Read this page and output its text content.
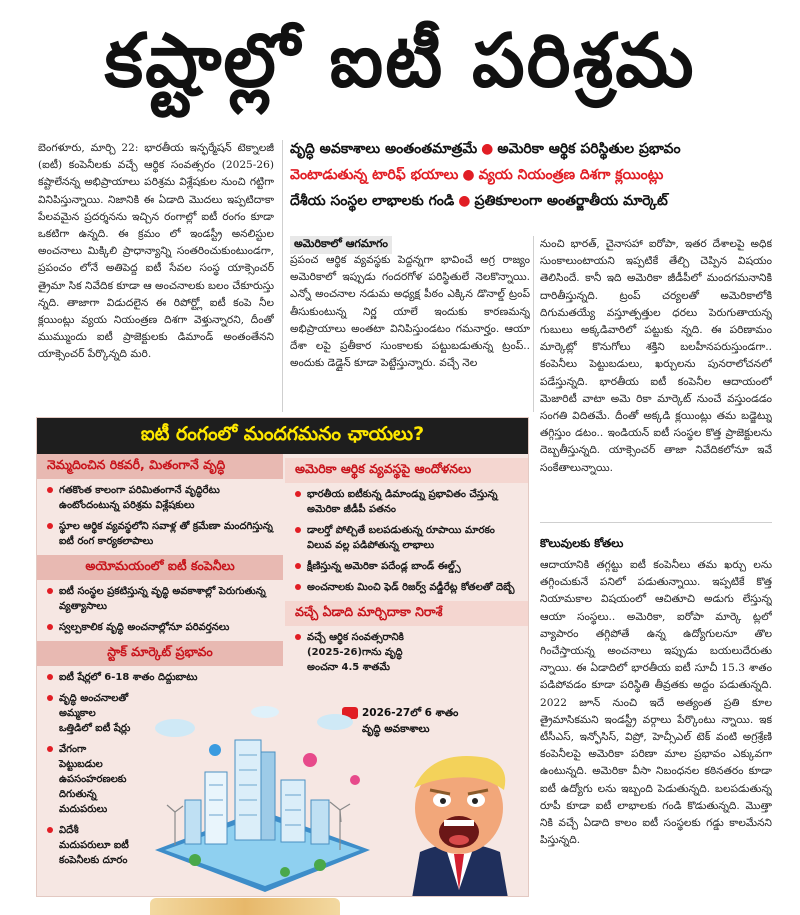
కష్టాల్లో ఐటీ పరిశ్రమ
బెంగళూరు, మార్చి 22: భారతీయ ఇన్ఫర్మేషన్ టెక్నాలజీ (ఐటీ) కంపెనీలకు వచ్చే ఆర్థిక సంవత్సరం (2025-26) కష్టాలేనన్న అభిప్రాయాలు పరిశ్రమ విశ్లేషకుల నుంచి గట్టిగా వినిపిస్తున్నాయి. నిజానికి ఈ ఏడాది మొదలు ఇప్పటిదాకా పేలవమైన ప్రదర్శనను ఇచ్చిన రంగాల్లో ఐటీ రంగం కూడా ఒకటిగా ఉన్నది. ఈ క్రమం లో ఇండస్ట్రీ అనలిస్టుల అంచనాలు మిక్కిలి ప్రాధాన్యాన్ని సంతరించుకుంటుండగా, ప్రపంచం లోనే అతిపెద్ద ఐటీ సేవల సంస్థ యాక్సెంచర్ త్రైమా సిక నివేదిక కూడా ఆ అంచనాలకు బలం చేకూరుస్తు న్నది. తాజాగా విడుదలైన ఈ రిపోర్ట్లో ఐటీ కంపె నీల క్లయింట్లు వ్యయ నియంత్రణ దిశగా వెళ్తున్నారని, దీంతో ముమ్ముందు ఐటీ ప్రాజెక్టులకు డిమాండ్ అంతంతేనని యాక్సెంచర్ పేర్కొన్నది మరి.
వృద్ధి అవకాశాలు అంతంతమాత్రమే ● అమెరికా ఆర్థిక పరిస్థితుల ప్రభావం
వెంటాడుతున్న టారిఫ్ భయాలు ● వ్యయ నియంత్రణ దిశగా క్లయింట్లు
దేశీయ సంస్థల లాభాలకు గండి ● ప్రతికూలంగా అంతర్జాతీయ మార్కెట్
అమెరికాలో ఆగమాగం
ప్రపంచ ఆర్థిక వ్యవస్థకు పెద్దన్నగా భావించే అగ్ర రాజ్యం అమెరికాలో ఇప్పుడు గందరగోళ పరిస్థితులే నెలకొన్నాయి. ఎన్నో అంచనాల నడుమ అధ్యక్ష పీఠం ఎక్కిన డొనాల్డ్ ట్రంప్ తీసుకుంటున్న నిర్ణ యాలే ఇందుకు కారణమన్న అభిప్రాయాలు అంతటా వినిపిస్తుండటం గమనార్హం. ఆయా దేశా లపై ప్రతీకార సుంకాలకు పట్టుబడుతున్న ట్రంప్.. అందుకు డెడ్లైన్ కూడా పెట్టేస్తున్నారు. వచ్చే నెల
నుంచి భారత్, చైనాసహా ఐరోపా, ఇతర దేశాలపై అధిక సుంకాలుంటాయని ఇప్పటికే తేల్చి చెప్పిన విషయం తెలిసిందే. కానీ ఇది అమెరికా జీడీపీలో మందగమనానికి దారితీస్తున్నది. ట్రంప్ చర్యలతో అమెరికాలోకి దిగుమతయ్యే వస్తూత్పత్తుల ధరలు పెరుగుతాయన్న గుబులు అక్కడివారిలో పట్టుకు న్నది. ఈ పరిణామం మార్కెట్లో కొనుగోలు శక్తిని బలహీనపరుస్తుండగా.. కంపెనీలు పెట్టుబడులు, ఖర్చులను పునరాలోచనలో పడేస్తున్నది. భారతీయ ఐటీ కంపెనీల ఆదాయంలో మెజారిటీ వాటా అమె రికా మార్కెట్ నుంచే వస్తుండడం సంగతి విదితమే. దీంతో అక్కడి క్లయింట్లు తమ బడ్జెట్ను తగ్గిస్తుం డటం.. ఇండియన్ ఐటీ సంస్థల కొత్త ప్రాజెక్టులను దెబ్బతీస్తున్నది. యాక్సెంచర్ తాజా నివేదికలోనూ ఇవే సంకేతాలున్నాయి.
కొలువులకు కోతలు
ఆదాయానికి తగ్గట్టు ఐటీ కంపెనీలు తమ ఖర్చు లను తగ్గించుకునే పనిలో పడుతున్నాయి. ఇప్పటికే కొత్త నియామకాల విషయంలో ఆచితూచి అడుగు లేస్తున్న ఆయా సంస్థలు.. అమెరికా, ఐరోపా మార్కె ట్లలో వ్యాపారం తగ్గిపోతే ఉన్న ఉద్యోగులనూ తొల గించేస్తాయన్న అంచనాలు ఇప్పుడు బయలుదేరుతు న్నాయి. ఈ ఏడాదిలో భారతీయ ఐటీ సూచీ 15.3 శాతం పడిపోవడం కూడా పరిస్థితి తీవ్రతకు అద్దం పడుతున్నది. 2022 జూన్ నుంచి ఇదే అత్యంత ప్రతి కూల త్రైమాసికమని ఇండస్ట్రీ వర్గాలు పేర్కొంటు న్నాయి. ఇక టీసీఎస్, ఇన్ఫోసిస్, విప్రో, హెచ్సీఎల్ టెక్ వంటి అగ్రశ్రేణి కంపెనీలపై అమెరికా పరిణా మాల ప్రభావం ఎక్కువగా ఉంటున్నది. అమెరికా వీసా నిబంధనల కఠినతరం కూడా ఐటీ ఉద్యోగు లను ఇబ్బంది పెడుతున్నది. బలపడుతున్న రూపీ కూడా ఐటీ లాభాలకు గండి కొడుతున్నది. మొత్తా నికి వచ్చే ఏడాది కాలం ఐటీ సంస్థలకు గడ్డు కాలమేనని పిస్తున్నది.
ఐటీ రంగంలో మందగమనం ఛాయలు?
నెమ్మదించిన రికవరీ, మితంగానే వృద్ధి
గతకొంత కాలంగా పరిమితంగానే వృద్ధిరేటు ఉంటోందంటున్న పరిశ్రమ విశ్లేషకులు
స్థూల ఆర్థిక వ్యవస్థలోని సవాళ్ల తో క్రమేణా మందగిస్తున్న ఐటీ రంగ కార్యకలాపాలు
అయోమయంలో ఐటీ కంపెనీలు
ఐటీ సంస్థల ప్రకటిస్తున్న వృద్ధి అవకాశాల్లో పెరుగుతున్న వ్యత్యాసాలు
స్వల్పకాలిక వృద్ధి అంచనాల్లోనూ పరివర్తనలు
స్టాక్ మార్కెట్ ప్రభావం
ఐటీ షేర్లలో 6-18 శాతం దిద్దుబాటు
వృద్ధి అంచనాలతో అమ్మకాల ఒత్తిడిలో ఐటీ షేర్లు
వేగంగా పెట్టుబడుల ఉపసంహరణలకు దిగుతున్న మదుపరులు
విదేశీ మదుపరులూ ఐటీ కంపెనీలకు దూరం
అమెరికా ఆర్థిక వ్యవస్థపై ఆందోళనలు
భారతీయ ఐటీకున్న డిమాండ్ను ప్రభావితం చేస్తున్న అమెరికా జీడీపీ పతనం
డాలర్తో పోల్చితే బలపడుతున్న రూపాయి మారకం విలువ వల్ల పడిపోతున్న లాభాలు
క్షీణిస్తున్న అమెరికా పదేండ్ల బాండ్ ఈల్డ్స్
అంచనాలకు మించి ఫెడ్ రిజర్వ్ వడ్డీరేట్ల కోతలతో దెబ్బే
వచ్చే ఏడాది మార్చిదాకా నిరాశే
వచ్చే ఆర్థిక సంవత్సరానికి (2025-26)గాను వృద్ధి అంచనా 4.5 శాతమే
2026-27లో 6 శాతం వృద్ధి అవకాశాలు
